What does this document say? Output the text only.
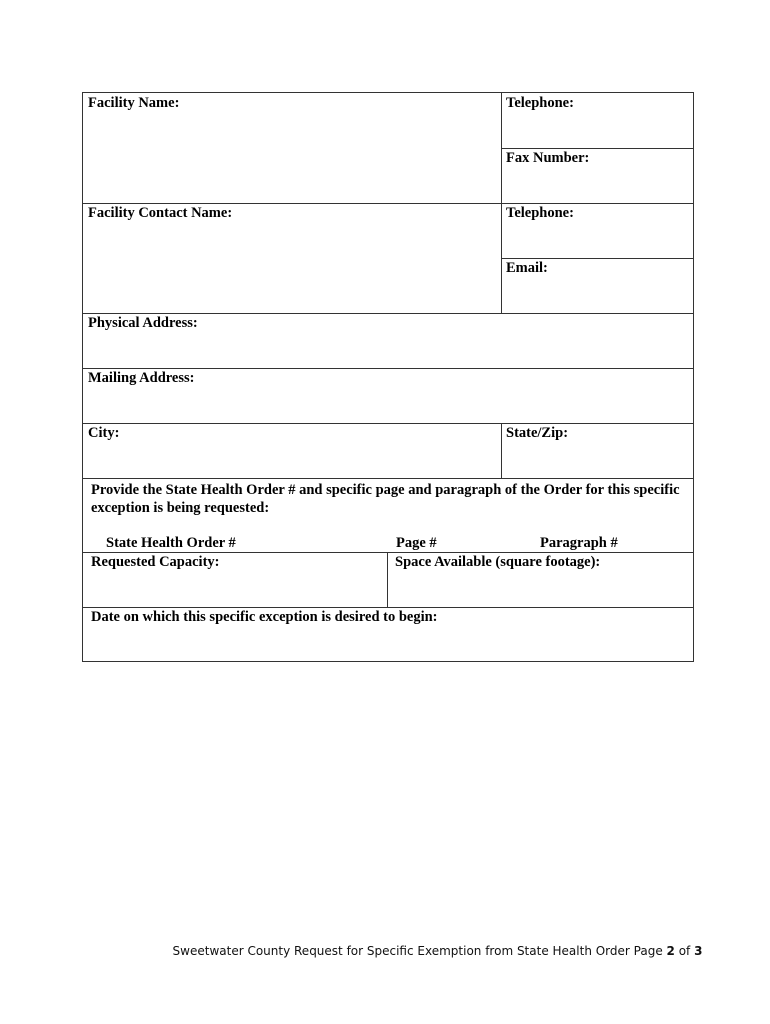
Facility Name:	Telephone:
Fax Number:
Facility Contact Name:	Telephone:
Email:
Physical Address:
Mailing Address:
City:	State/Zip:
Provide the State Health Order # and specific page and paragraph of the Order for this specific exception is being requested:
State Health Order #	Page #	Paragraph #
Requested Capacity:	Space Available (square footage):
Date on which this specific exception is desired to begin:
Sweetwater County Request for Specific Exemption from State Health Order Page 2 of 3
